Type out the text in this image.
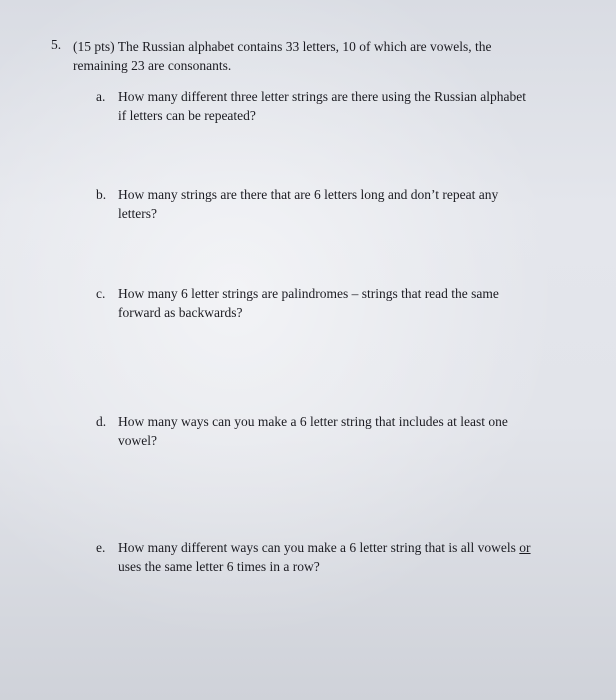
5. (15 pts) The Russian alphabet contains 33 letters, 10 of which are vowels, the remaining 23 are consonants.
a. How many different three letter strings are there using the Russian alphabet if letters can be repeated?
b. How many strings are there that are 6 letters long and don’t repeat any letters?
c. How many 6 letter strings are palindromes – strings that read the same forward as backwards?
d. How many ways can you make a 6 letter string that includes at least one vowel?
e. How many different ways can you make a 6 letter string that is all vowels or uses the same letter 6 times in a row?
